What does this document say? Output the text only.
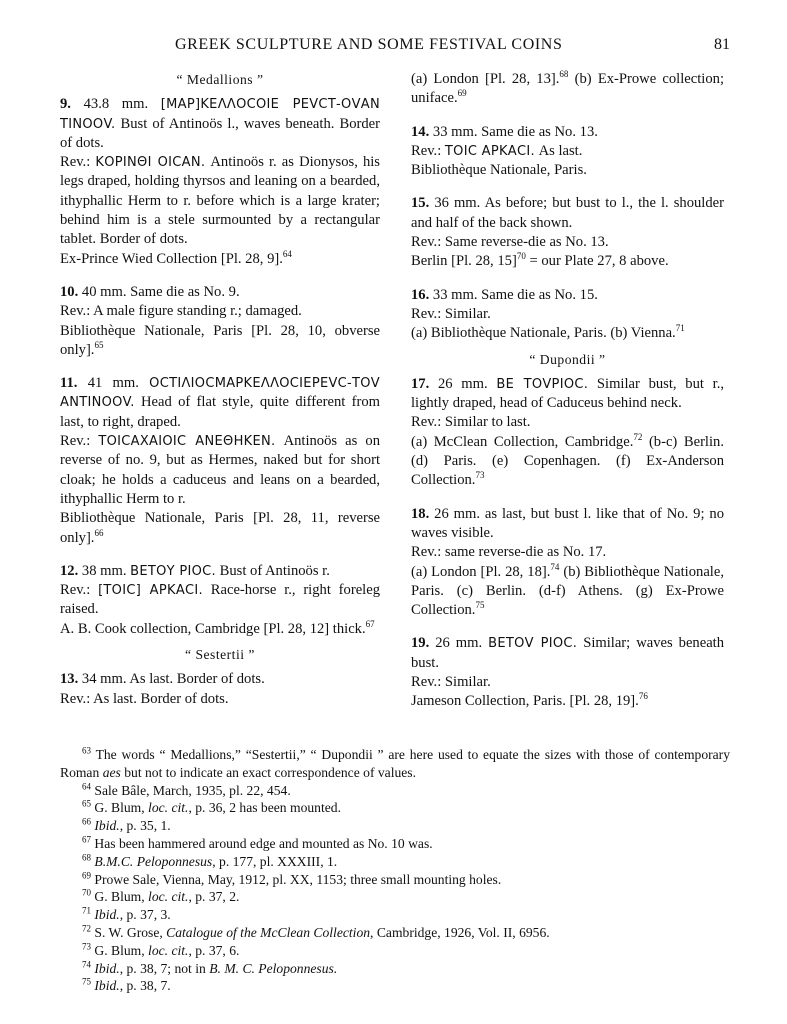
GREEK SCULPTURE AND SOME FESTIVAL COINS	81

“ Medallions ”

9. 43.8 mm. [ΜΑΡ]ΚΕΛΛΟCΟΙΕ ΡΕVCΤ-ΟVΑΝ ΤΙΝΟΟV. Bust of Antinoös l., waves beneath. Border of dots.

Rev.: ΚΟΡΙΝΘΙ ΟΙCΑΝ. Antinoös r. as Dionysos, his legs draped, holding thyrsos and leaning on a bearded, ithyphallic Herm to r. before which is a large krater; behind him is a stele surmounted by a rectangular tablet. Border of dots.

Ex-Prince Wied Collection [Pl. 28, 9].$^{64}$

10. 40 mm. Same die as No. 9.

Rev.: A male figure standing r.; damaged.

Bibliothèque Nationale, Paris [Pl. 28, 10, obverse only].$^{65}$

11. 41 mm. ΟCΤΙΛΙΟCΜΑΡΚΕΛΛΟCΙΕΡΕVC-ΤΟV ΑΝΤΙΝΟΟV. Head of flat style, quite different from last, to right, draped.

Rev.: ΤΟΙCΑΧΑΙΟΙC ΑΝΕΘΗΚΕΝ. Antinoös as on reverse of no. 9, but as Hermes, naked but for short cloak; he holds a caduceus and leans on a bearded, ithyphallic Herm to r.

Bibliothèque Nationale, Paris [Pl. 28, 11, reverse only].$^{66}$

12. 38 mm. ΒΕΤΟΥ ΡΙΟC. Bust of Antinoös r.

Rev.: [ΤΟΙC] ΑΡΚΑCΙ. Race-horse r., right foreleg raised.

A. B. Cook collection, Cambridge [Pl. 28, 12] thick.$^{67}$

“ Sestertii ”

13. 34 mm. As last. Border of dots.

Rev.: As last. Border of dots.

(a) London [Pl. 28, 13].$^{68}$ (b) Ex-Prowe collection; uniface.$^{69}$

14. 33 mm. Same die as No. 13.

Rev.: ΤΟΙC ΑΡΚΑCΙ. As last.

Bibliothèque Nationale, Paris.

15. 36 mm. As before; but bust to l., the l. shoulder and half of the back shown.

Rev.: Same reverse-die as No. 13.

Berlin [Pl. 28, 15]$^{70}$ = our Plate 27, 8 above.

16. 33 mm. Same die as No. 15.

Rev.: Similar.

(a) Bibliothèque Nationale, Paris. (b) Vienna.$^{71}$

“ Dupondii ”

17. 26 mm. ΒΕ ΤΟVΡΙΟC. Similar bust, but r., lightly draped, head of Caduceus behind neck.

Rev.: Similar to last.

(a) McClean Collection, Cambridge.$^{72}$ (b-c) Berlin. (d) Paris. (e) Copenhagen. (f) Ex-Anderson Collection.$^{73}$

18. 26 mm. as last, but bust l. like that of No. 9; no waves visible.

Rev.: same reverse-die as No. 17.

(a) London [Pl. 28, 18].$^{74}$ (b) Bibliothèque Nationale, Paris. (c) Berlin. (d-f) Athens. (g) Ex-Prowe Collection.$^{75}$

19. 26 mm. ΒΕΤΟV ΡΙΟC. Similar; waves beneath bust.

Rev.: Similar.

Jameson Collection, Paris. [Pl. 28, 19].$^{76}$

$^{63}$ The words “ Medallions,” “Sestertii,” “ Dupondii ” are here used to equate the sizes with those of contemporary Roman aes but not to indicate an exact correspondence of values.

$^{64}$ Sale Bâle, March, 1935, pl. 22, 454.

$^{65}$ G. Blum, loc. cit., p. 36, 2 has been mounted.

$^{66}$ Ibid., p. 35, 1.

$^{67}$ Has been hammered around edge and mounted as No. 10 was.

$^{68}$ B.M.C. Peloponnesus, p. 177, pl. XXXIII, 1.

$^{69}$ Prowe Sale, Vienna, May, 1912, pl. XX, 1153; three small mounting holes.

$^{70}$ G. Blum, loc. cit., p. 37, 2.

$^{71}$ Ibid., p. 37, 3.

$^{72}$ S. W. Grose, Catalogue of the McClean Collection, Cambridge, 1926, Vol. II, 6956.

$^{73}$ G. Blum, loc. cit., p. 37, 6.

$^{74}$ Ibid., p. 38, 7; not in B. M. C. Peloponnesus.

$^{75}$ Ibid., p. 38, 7.
